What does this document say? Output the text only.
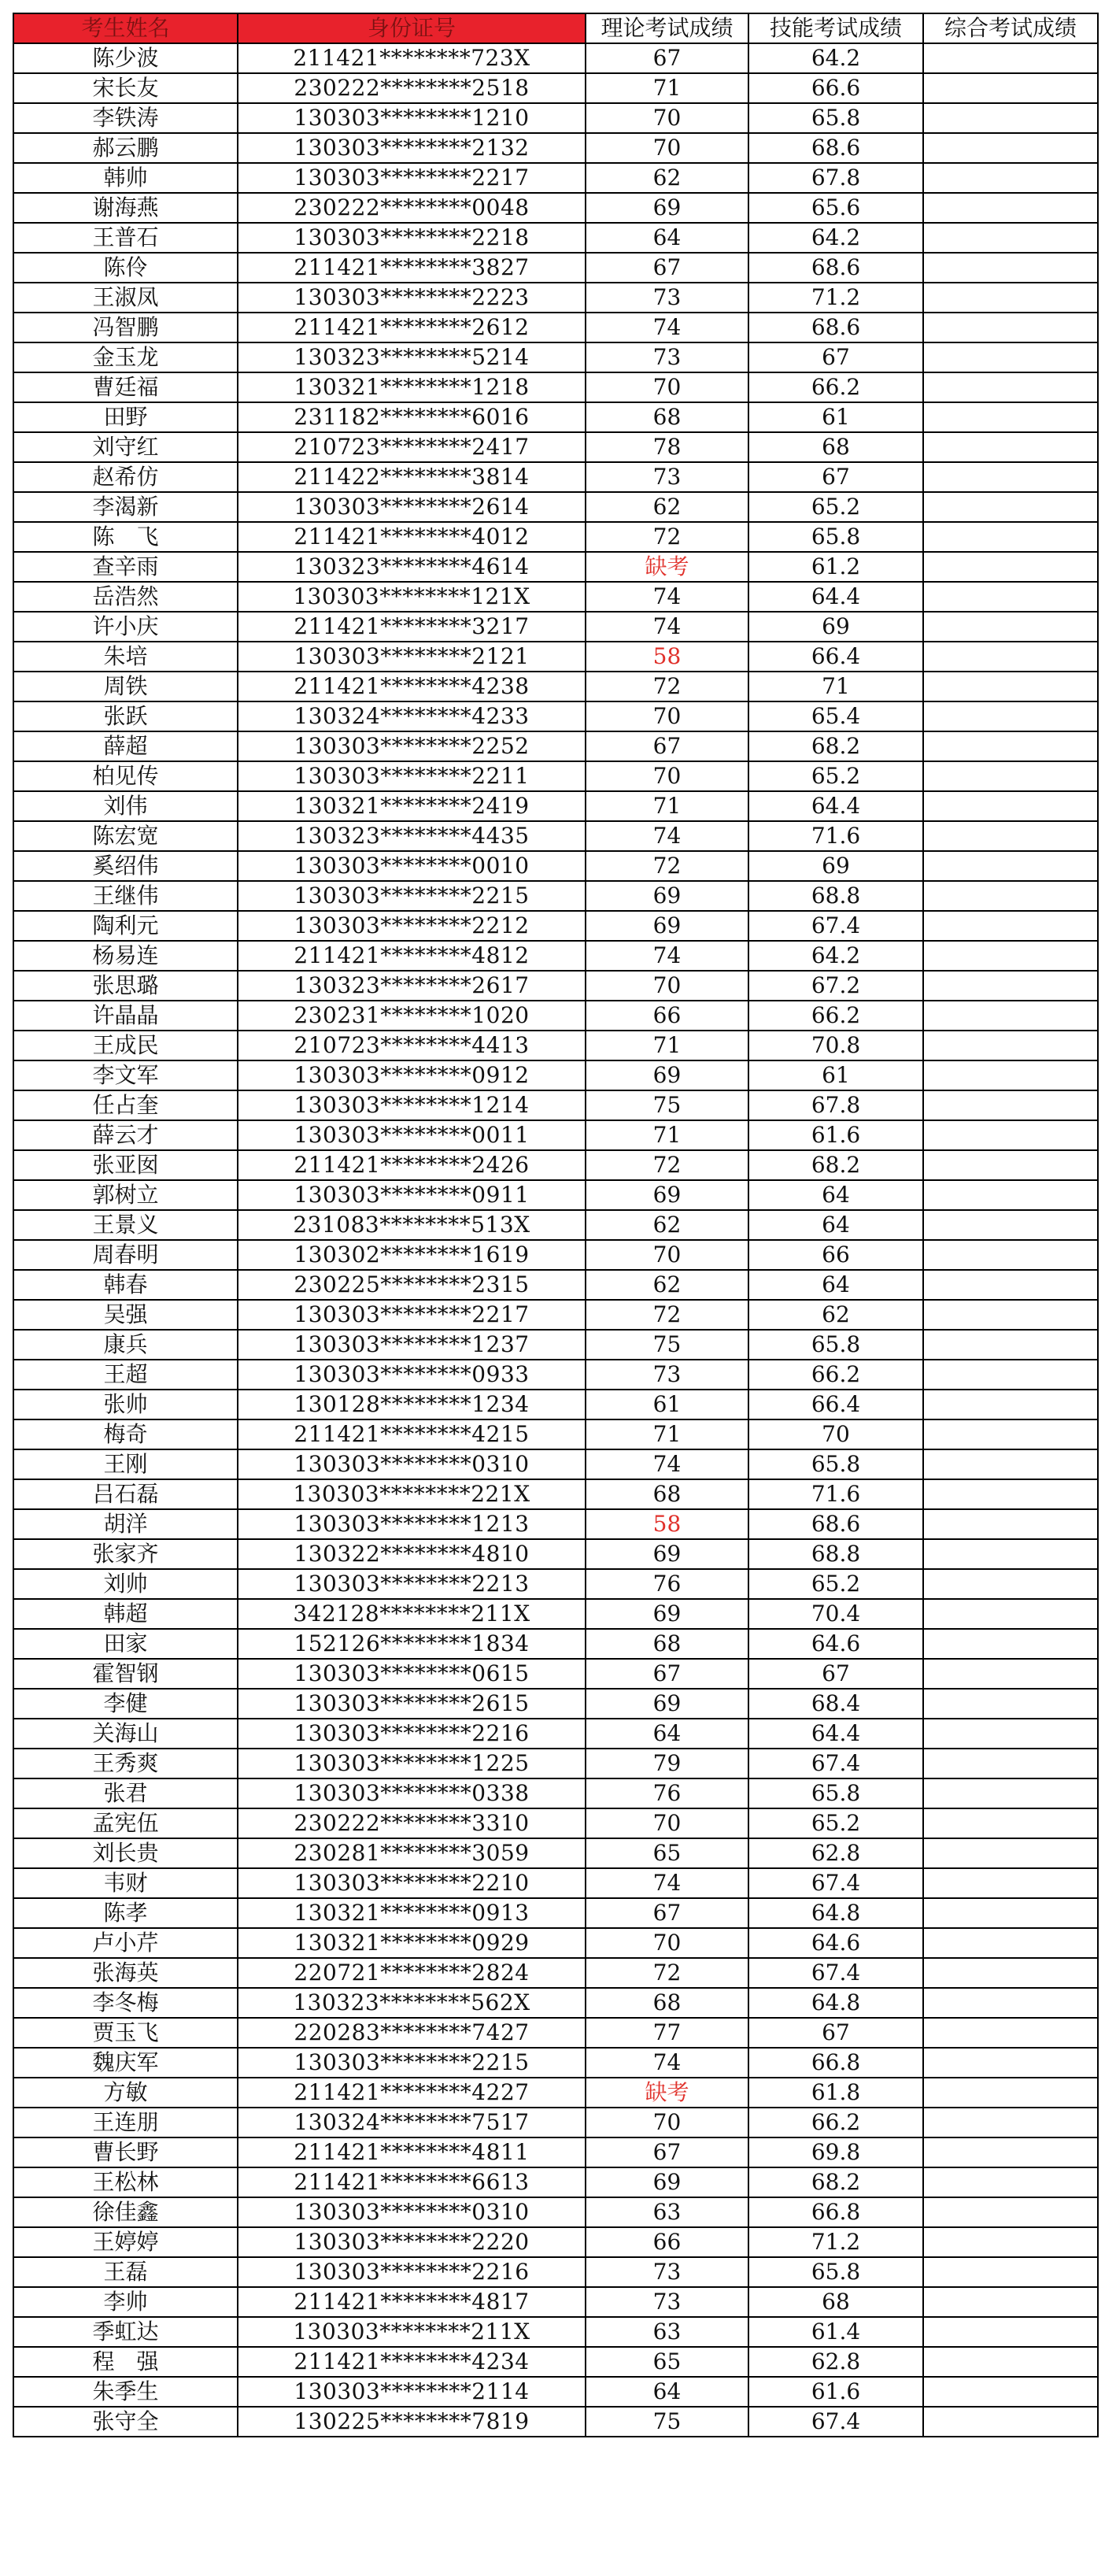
考生姓名	身份证号	理论考试成绩	技能考试成绩	综合考试成绩
陈少波	211421********723X	67	64.2	
宋长友	230222********2518	71	66.6	
李铁涛	130303********1210	70	65.8	
郝云鹏	130303********2132	70	68.6	
韩帅	130303********2217	62	67.8	
谢海燕	230222********0048	69	65.6	
王普石	130303********2218	64	64.2	
陈伶	211421********3827	67	68.6	
王淑凤	130303********2223	73	71.2	
冯智鹏	211421********2612	74	68.6	
金玉龙	130323********5214	73	67	
曹廷福	130321********1218	70	66.2	
田野	231182********6016	68	61	
刘守红	210723********2417	78	68	
赵希仿	211422********3814	73	67	
李渴新	130303********2614	62	65.2	
陈　飞	211421********4012	72	65.8	
查辛雨	130323********4614	缺考	61.2	
岳浩然	130303********121X	74	64.4	
许小庆	211421********3217	74	69	
朱培	130303********2121	58	66.4	
周铁	211421********4238	72	71	
张跃	130324********4233	70	65.4	
薛超	130303********2252	67	68.2	
柏见传	130303********2211	70	65.2	
刘伟	130321********2419	71	64.4	
陈宏宽	130323********4435	74	71.6	
奚绍伟	130303********0010	72	69	
王继伟	130303********2215	69	68.8	
陶利元	130303********2212	69	67.4	
杨易连	211421********4812	74	64.2	
张思璐	130323********2617	70	67.2	
许晶晶	230231********1020	66	66.2	
王成民	210723********4413	71	70.8	
李文军	130303********0912	69	61	
任占奎	130303********1214	75	67.8	
薛云才	130303********0011	71	61.6	
张亚囡	211421********2426	72	68.2	
郭树立	130303********0911	69	64	
王景义	231083********513X	62	64	
周春明	130302********1619	70	66	
韩春	230225********2315	62	64	
吴强	130303********2217	72	62	
康兵	130303********1237	75	65.8	
王超	130303********0933	73	66.2	
张帅	130128********1234	61	66.4	
梅奇	211421********4215	71	70	
王刚	130303********0310	74	65.8	
吕石磊	130303********221X	68	71.6	
胡洋	130303********1213	58	68.6	
张家齐	130322********4810	69	68.8	
刘帅	130303********2213	76	65.2	
韩超	342128********211X	69	70.4	
田家	152126********1834	68	64.6	
霍智钢	130303********0615	67	67	
李健	130303********2615	69	68.4	
关海山	130303********2216	64	64.4	
王秀爽	130303********1225	79	67.4	
张君	130303********0338	76	65.8	
孟宪伍	230222********3310	70	65.2	
刘长贵	230281********3059	65	62.8	
韦财	130303********2210	74	67.4	
陈孝	130321********0913	67	64.8	
卢小芹	130321********0929	70	64.6	
张海英	220721********2824	72	67.4	
李冬梅	130323********562X	68	64.8	
贾玉飞	220283********7427	77	67	
魏庆军	130303********2215	74	66.8	
方敏	211421********4227	缺考	61.8	
王连朋	130324********7517	70	66.2	
曹长野	211421********4811	67	69.8	
王松林	211421********6613	69	68.2	
徐佳鑫	130303********0310	63	66.8	
王婷婷	130303********2220	66	71.2	
王磊	130303********2216	73	65.8	
李帅	211421********4817	73	68	
季虹达	130303********211X	63	61.4	
程　强	211421********4234	65	62.8	
朱季生	130303********2114	64	61.6	
张守全	130225********7819	75	67.4	
